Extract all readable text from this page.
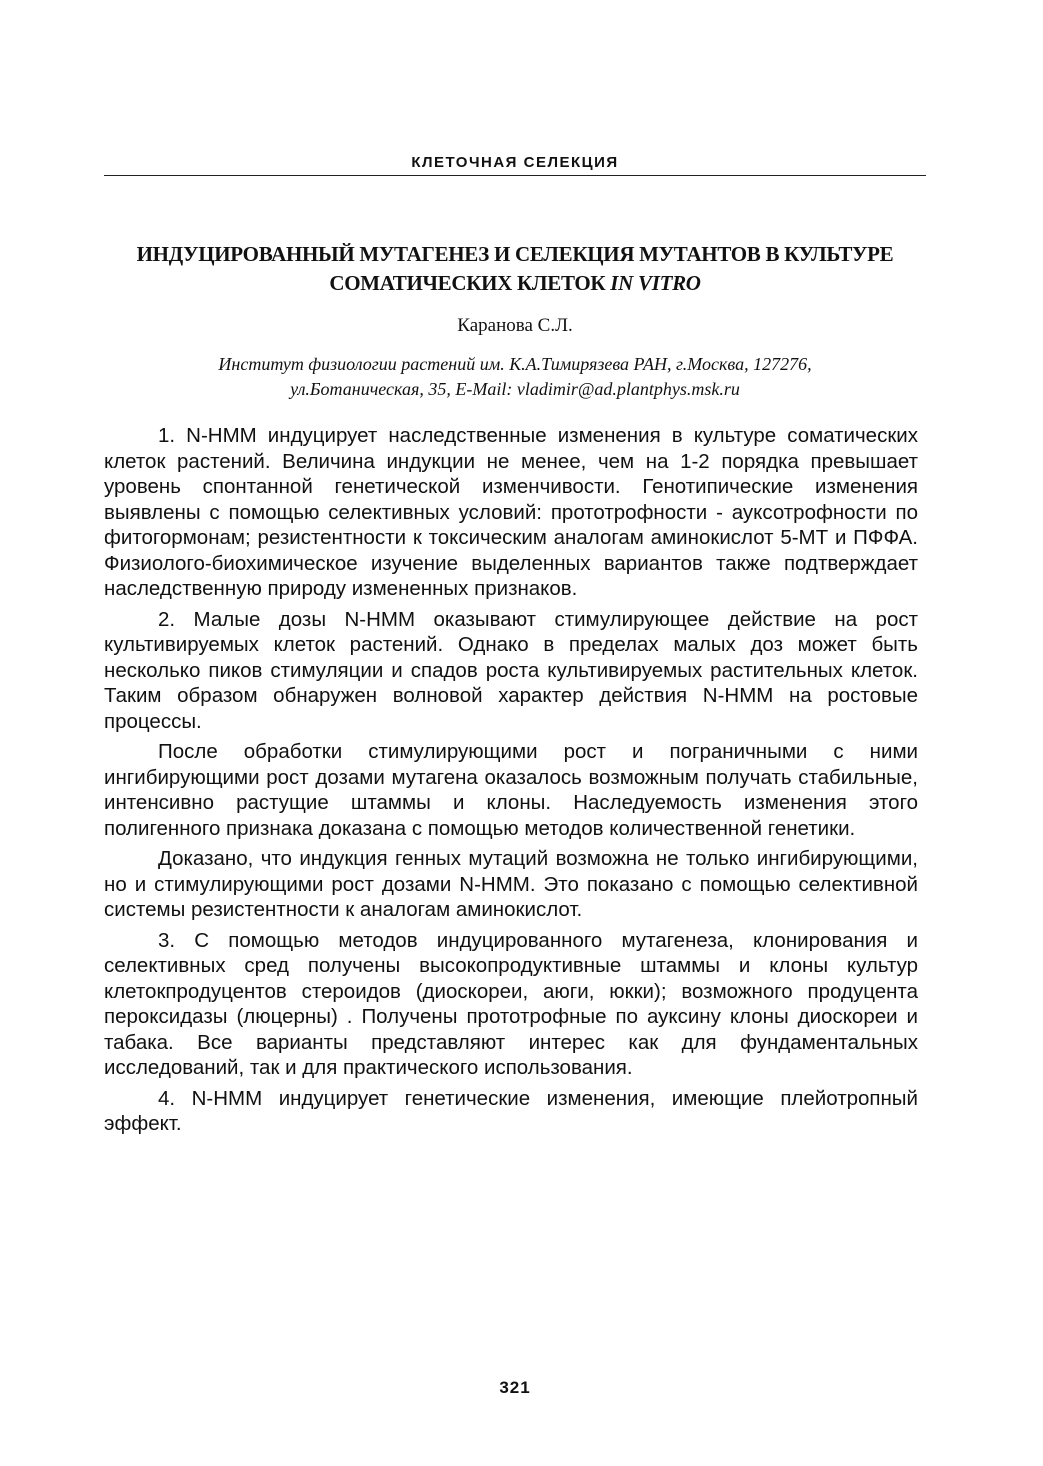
КЛЕТОЧНАЯ СЕЛЕКЦИЯ
ИНДУЦИРОВАННЫЙ МУТАГЕНЕЗ И СЕЛЕКЦИЯ МУТАНТОВ В КУЛЬТУРЕ СОМАТИЧЕСКИХ КЛЕТОК IN VITRO
Каранова С.Л.
Институт физиологии растений им. К.А.Тимирязева РАН, г.Москва, 127276,
ул.Ботаническая, 35, E-Mail: vladimir@ad.plantphys.msk.ru

1. N-НММ индуцирует наследственные изменения в культуре соматических клеток растений. Величина индукции не менее, чем на 1-2 порядка превышает уровень спонтанной генетической изменчивости. Генотипические изменения выявлены с помощью селективных условий: прототрофности - ауксотрофности по фитогормонам; резистентности к токсическим аналогам аминокислот 5-МТ и ПФФА. Физиолого-биохимическое изучение выделенных вариантов также подтверждает наследственную природу измененных признаков.

2. Малые дозы N-НММ оказывают стимулирующее действие на рост культивируемых клеток растений. Однако в пределах малых доз может быть несколько пиков стимуляции и спадов роста культивируемых растительных клеток. Таким образом обнаружен волновой характер действия N-НММ на ростовые процессы.

После обработки стимулирующими рост и пограничными с ними ингибирующими рост дозами мутагена оказалось возможным получать стабильные, интенсивно растущие штаммы и клоны. Наследуемость изменения этого полигенного признака доказана с помощью методов количественной генетики.

Доказано, что индукция генных мутаций возможна не только ингибирующими, но и стимулирующими рост дозами N-НММ. Это показано с помощью селективной системы резистентности к аналогам аминокислот.

3. С помощью методов индуцированного мутагенеза, клонирования и селективных сред получены высокопродуктивные штаммы и клоны культур клетокпродуцентов стероидов (диоскореи, аюги, юкки); возможного продуцента пероксидазы (люцерны) . Получены прототрофные по ауксину клоны диоскореи и табака. Все варианты представляют интерес как для фундаментальных исследований, так и для практического использования.

4. N-НММ индуцирует генетические изменения, имеющие плейотропный эффект.

321
